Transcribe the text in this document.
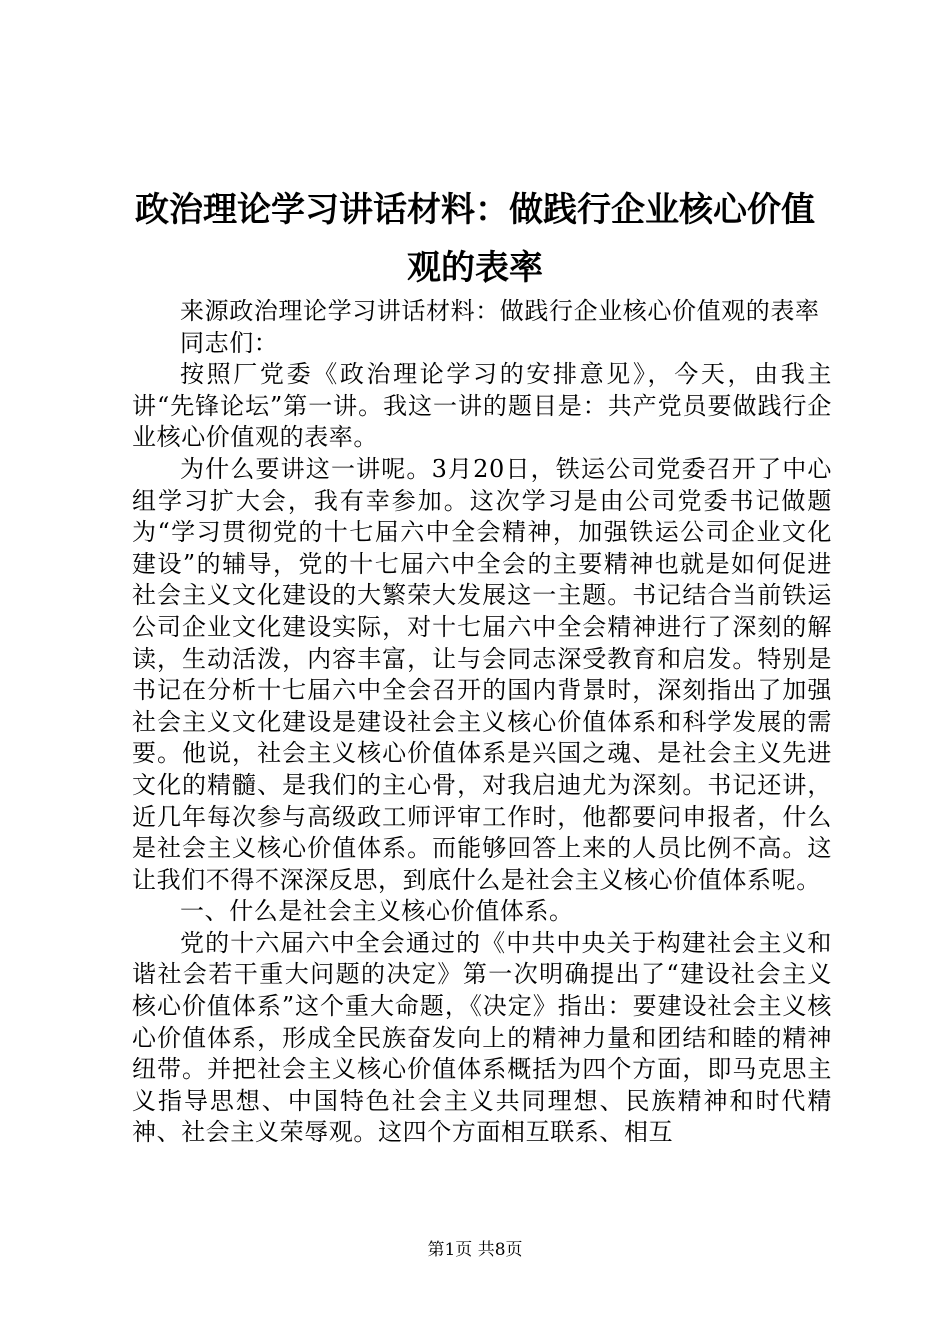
政治理论学习讲话材料：做践行企业核心价值
观的表率

来源政治理论学习讲话材料：做践行企业核心价值观的表率

同志们：

按照厂党委《政治理论学习的安排意见》，今天，由我主讲“先锋论坛”第一讲。我这一讲的题目是：共产党员要做践行企业核心价值观的表率。

为什么要讲这一讲呢。3月20日，铁运公司党委召开了中心组学习扩大会，我有幸参加。这次学习是由公司党委书记做题为“学习贯彻党的十七届六中全会精神，加强铁运公司企业文化建设”的辅导，党的十七届六中全会的主要精神也就是如何促进社会主义文化建设的大繁荣大发展这一主题。书记结合当前铁运公司企业文化建设实际，对十七届六中全会精神进行了深刻的解读，生动活泼，内容丰富，让与会同志深受教育和启发。特别是书记在分析十七届六中全会召开的国内背景时，深刻指出了加强社会主义文化建设是建设社会主义核心价值体系和科学发展的需要。他说，社会主义核心价值体系是兴国之魂、是社会主义先进文化的精髓、是我们的主心骨，对我启迪尤为深刻。书记还讲，近几年每次参与高级政工师评审工作时，他都要问申报者，什么是社会主义核心价值体系。而能够回答上来的人员比例不高。这让我们不得不深深反思，到底什么是社会主义核心价值体系呢。

一、什么是社会主义核心价值体系。

党的十六届六中全会通过的《中共中央关于构建社会主义和谐社会若干重大问题的决定》第一次明确提出了“建设社会主义核心价值体系”这个重大命题，《决定》指出：要建设社会主义核心价值体系，形成全民族奋发向上的精神力量和团结和睦的精神纽带。并把社会主义核心价值体系概括为四个方面，即马克思主义指导思想、中国特色社会主义共同理想、民族精神和时代精神、社会主义荣辱观。这四个方面相互联系、相互

第1页 共8页
